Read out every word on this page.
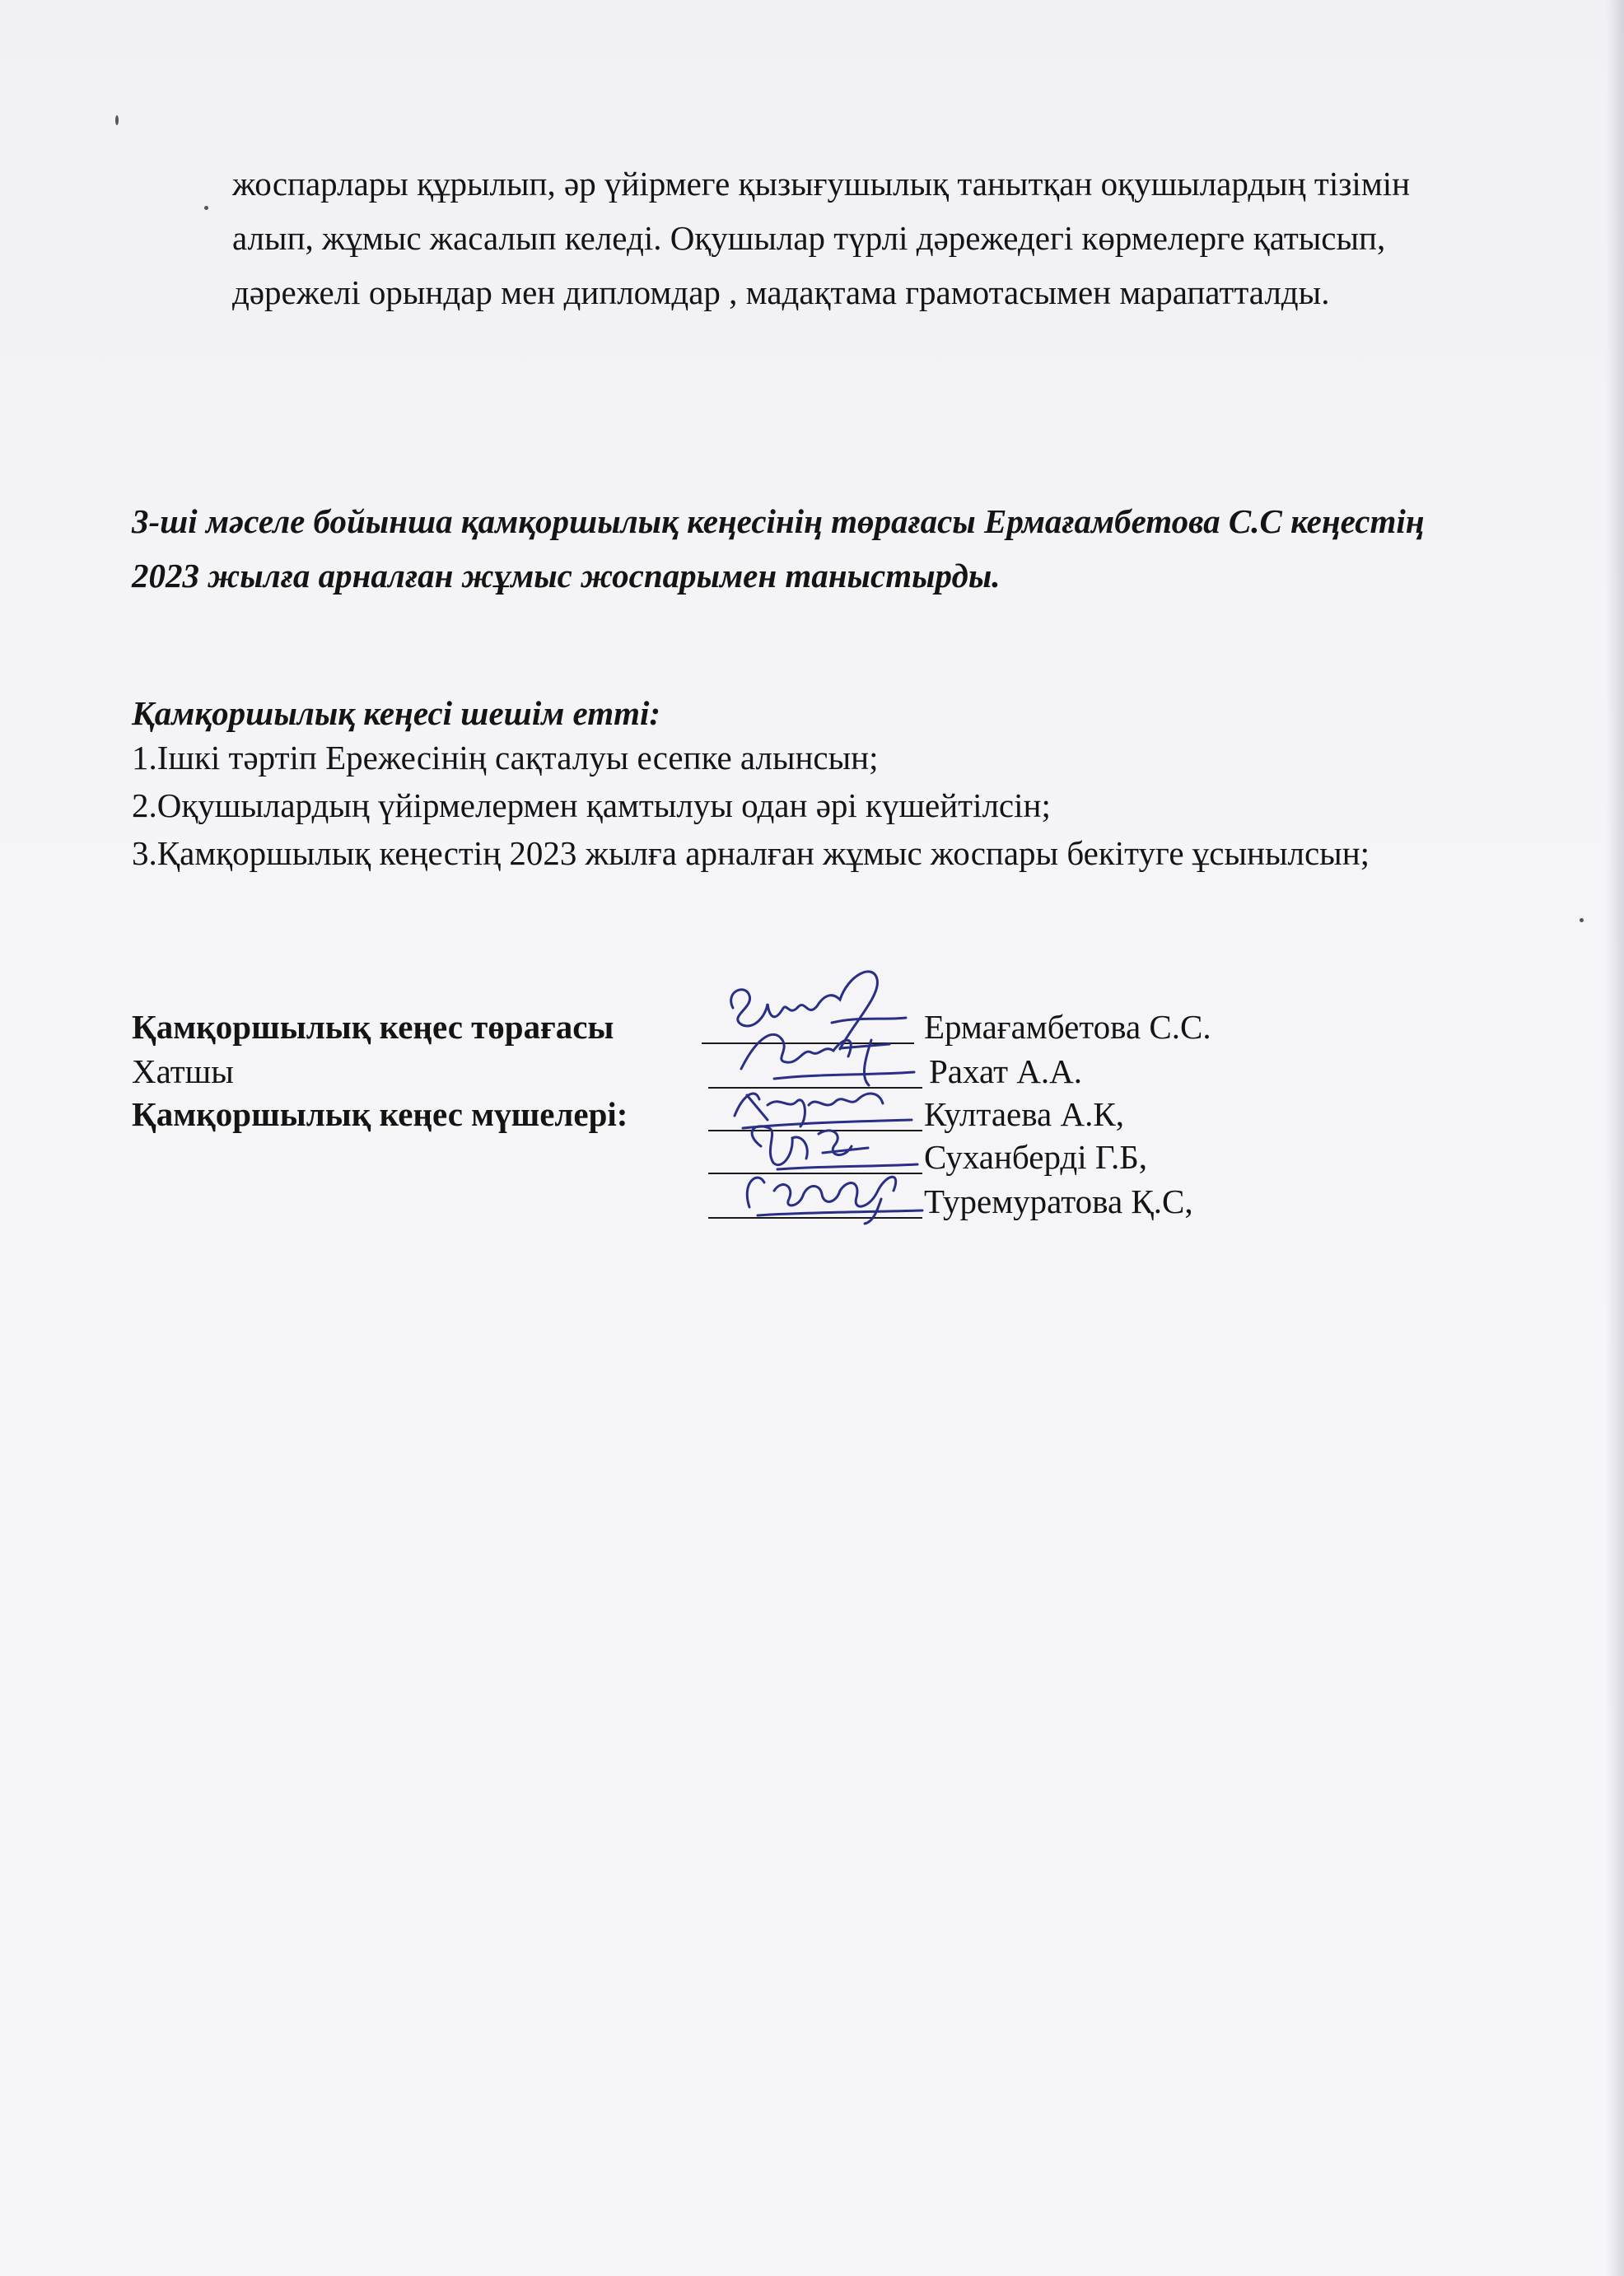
жоспарлары құрылып, әр үйірмеге қызығушылық танытқан оқушылардың тізімін алып, жұмыс жасалып келеді. Оқушылар түрлі дәрежедегі көрмелерге қатысып, дәрежелі орындар мен дипломдар , мадақтама грамотасымен марапатталды.

3-ші мәселе бойынша қамқоршылық кеңесінің төрағасы Ермағамбетова С.С кеңестің 2023 жылға арналған жұмыс жоспарымен таныстырды.

Қамқоршылық кеңесі шешім етті:

1.Ішкі тәртіп Ережесінің сақталуы есепке алынсын;
2.Оқушылардың үйірмелермен қамтылуы одан әрі күшейтілсін;
3.Қамқоршылық кеңестің 2023 жылға арналған жұмыс жоспары бекітуге ұсынылсын;
Қамқоршылық кеңес төрағасы	Ермағамбетова С.С.
Хатшы	Рахат А.А.
Қамқоршылық кеңес мүшелері:	Култаева А.К,
Суханберді Г.Б,
Туремуратова Қ.С,
